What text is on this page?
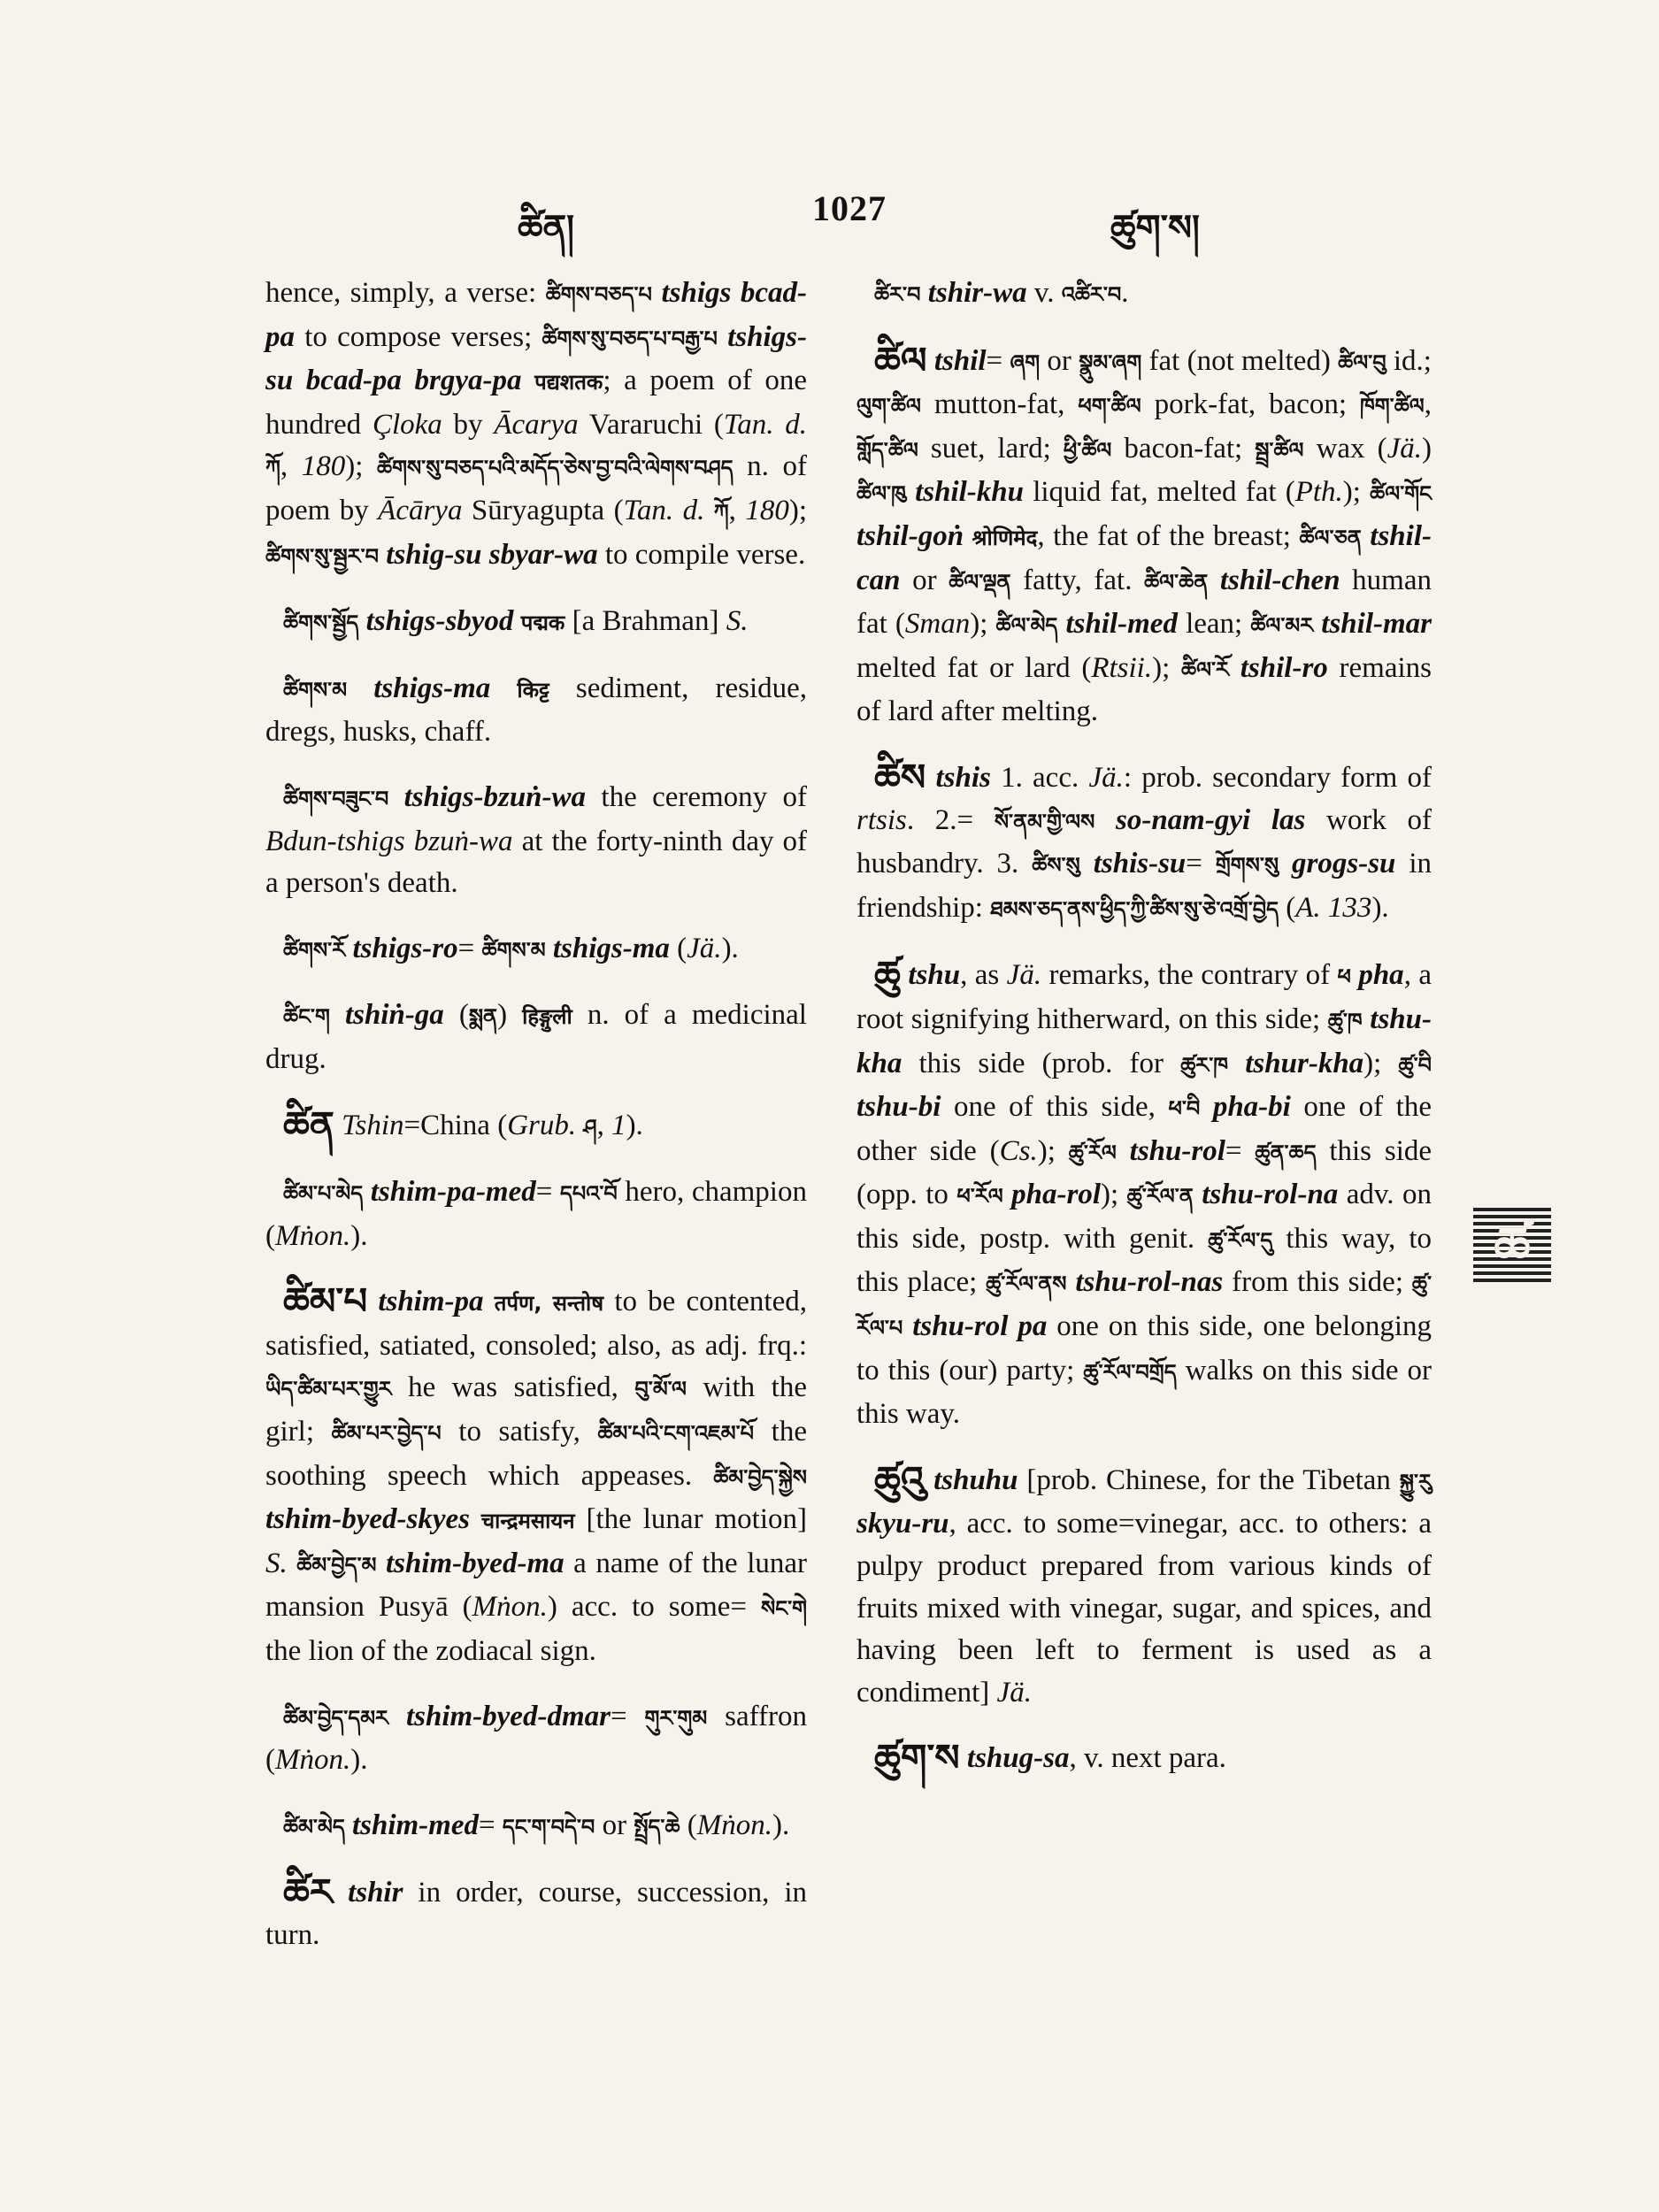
ཚིན།	1027	ཚུག་ས།

hence, simply, a verse: ཚིགས་བཅད་པ tshigs bcad-pa to compose verses; ཚིགས་སུ་བཅད་པ་བརྒྱ་པ tshigs-su bcad-pa brgya-pa पद्यशतक; a poem of one hundred Çloka by Ācarya Vararuchi (Tan. d. ཀོ, 180); ཚིགས་སུ་བཅད་པའི་མདོད་ཅེས་བྱ་བའི་ལེགས་བཤད n. of poem by Ācārya Sūryagupta (Tan. d. ཀོ, 180); ཚིགས་སུ་སྦྱར་བ tshig-su sbyar-wa to compile verse.

ཚིགས་སྦྱོད tshigs-sbyod पद्मक [a Brahman] S.

ཚིགས་མ tshigs-ma किट्ट sediment, residue, dregs, husks, chaff.

ཚིགས་བཟུང་བ tshigs-bzuṅ-wa the ceremony of Bdun-tshigs bzuṅ-wa at the forty-ninth day of a person's death.

ཚིགས་རོ tshigs-ro= ཚིགས་མ tshigs-ma (Jä.).

ཚིང་ག tshiṅ-ga (སྨན) हिङ्गुली n. of a medicinal drug.

ཚིན Tshin=China (Grub. ཤ, 1).

ཚིམ་པ་མེད tshim-pa-med= དཔའ་བོ hero, champion (Mṅon.).

ཚིམ་པ tshim-pa तर्पण, सन्तोष to be contented, satisfied, satiated, consoled; also, as adj. frq.: ཡིད་ཚིམ་པར་གྱུར he was satisfied, བུ་མོ་ལ with the girl; ཚིམ་པར་བྱེད་པ to satisfy, ཚིམ་པའི་ངག་འཇམ་པོ the soothing speech which appeases. ཚིམ་བྱེད་སྐྱེས tshim-byed-skyes चान्द्रमसायन [the lunar motion] S. ཚིམ་བྱེད་མ tshim-byed-ma a name of the lunar mansion Pusyā (Mṅon.) acc. to some= སེང་གེ the lion of the zodiacal sign.

ཚིམ་བྱེད་དམར tshim-byed-dmar= གུར་གུམ saffron (Mṅon.).

ཚིམ་མེད tshim-med= དང་ག་བདེ་བ or སྤྲོད་ཆེ (Mṅon.).

ཚིར tshir in order, course, succession, in turn.

ཚིར་བ tshir-wa v. འཚིར་བ.

ཚིལ tshil= ཞག or སྣུམ་ཞག fat (not melted) ཚིལ་བུ id.; ལུག་ཚིལ mutton-fat, ཕག་ཚིལ pork-fat, bacon; ཁོག་ཚིལ, གློད་ཚིལ suet, lard; ཕྱི་ཚིལ bacon-fat; སྦྲ་ཚིལ wax (Jä.) ཚིལ་ཁུ tshil-khu liquid fat, melted fat (Pth.); ཚིལ་གོང tshil-goṅ श्रोणिमेद, the fat of the breast; ཚིལ་ཅན tshil-can or ཚིལ་ལྡན fatty, fat. ཚིལ་ཆེན tshil-chen human fat (Sman); ཚིལ་མེད tshil-med lean; ཚིལ་མར tshil-mar melted fat or lard (Rtsii.); ཚིལ་རོ tshil-ro remains of lard after melting.

ཚིས tshis 1. acc. Jä.: prob. secondary form of rtsis. 2.= སོ་ནམ་གྱི་ལས so-nam-gyi las work of husbandry. 3. ཚིས་སུ tshis-su= གྲོགས་སུ grogs-su in friendship: ཐམས་ཅད་ནས་ཕྱིད་ཀྱི་ཚིས་སུ་ཅེ་འགྲོ་བྱེད (A. 133).

ཚུ tshu, as Jä. remarks, the contrary of ཕ pha, a root signifying hitherward, on this side; ཚུ་ཁ tshu-kha this side (prob. for ཚུར་ཁ tshur-kha); ཚུ་བི tshu-bi one of this side, ཕ་བི pha-bi one of the other side (Cs.); ཚུ་རོལ tshu-rol= ཚུན་ཆད this side (opp. to ཕ་རོལ pha-rol); ཚུ་རོལ་ན tshu-rol-na adv. on this side, postp. with genit. ཚུ་རོལ་དུ this way, to this place; ཚུ་རོལ་ནས tshu-rol-nas from this side; ཚུ་རོལ་པ tshu-rol pa one on this side, one belonging to this (our) party; ཚུ་རོལ་བགྲོད walks on this side or this way.

ཚུའུ tshuhu [prob. Chinese, for the Tibetan སྐྱུ་རུ skyu-ru, acc. to some=vinegar, acc. to others: a pulpy product prepared from various kinds of fruits mixed with vinegar, sugar, and spices, and having been left to ferment is used as a condiment] Jä.

ཚུག་ས tshug-sa, v. next para.

ཚ
